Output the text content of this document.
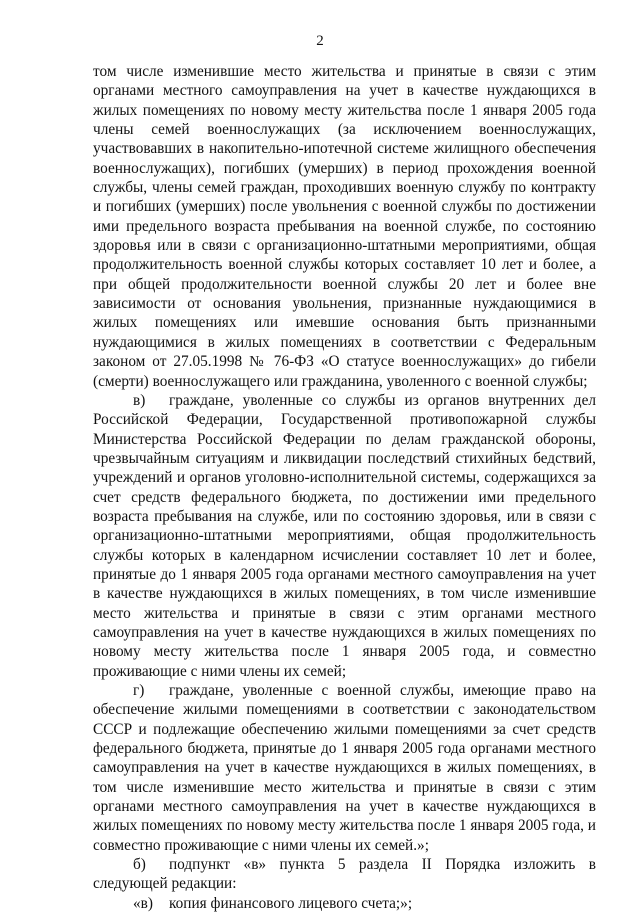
2

том числе изменившие место жительства и принятые в связи с этим органами местного самоуправления на учет в качестве нуждающихся в жилых помещениях по новому месту жительства после 1 января 2005 года члены семей военнослужащих (за исключением военнослужащих, участвовавших в накопительно-ипотечной системе жилищного обеспечения военнослужащих), погибших (умерших) в период прохождения военной службы, члены семей граждан, проходивших военную службу по контракту и погибших (умерших) после увольнения с военной службы по достижении ими предельного возраста пребывания на военной службе, по состоянию здоровья или в связи с организационно-штатными мероприятиями, общая продолжительность военной службы которых составляет 10 лет и более, а при общей продолжительности военной службы 20 лет и более вне зависимости от основания увольнения, признанные нуждающимися в жилых помещениях или имевшие основания быть признанными нуждающимися в жилых помещениях в соответствии с Федеральным законом от 27.05.1998 № 76-ФЗ «О статусе военнослужащих» до гибели (смерти) военнослужащего или гражданина, уволенного с военной службы;

в) граждане, уволенные со службы из органов внутренних дел Российской Федерации, Государственной противопожарной службы Министерства Российской Федерации по делам гражданской обороны, чрезвычайным ситуациям и ликвидации последствий стихийных бедствий, учреждений и органов уголовно-исполнительной системы, содержащихся за счет средств федерального бюджета, по достижении ими предельного возраста пребывания на службе, или по состоянию здоровья, или в связи с организационно-штатными мероприятиями, общая продолжительность службы которых в календарном исчислении составляет 10 лет и более, принятые до 1 января 2005 года органами местного самоуправления на учет в качестве нуждающихся в жилых помещениях, в том числе изменившие место жительства и принятые в связи с этим органами местного самоуправления на учет в качестве нуждающихся в жилых помещениях по новому месту жительства после 1 января 2005 года, и совместно проживающие с ними члены их семей;

г) граждане, уволенные с военной службы, имеющие право на обеспечение жилыми помещениями в соответствии с законодательством СССР и подлежащие обеспечению жилыми помещениями за счет средств федерального бюджета, принятые до 1 января 2005 года органами местного самоуправления на учет в качестве нуждающихся в жилых помещениях, в том числе изменившие место жительства и принятые в связи с этим органами местного самоуправления на учет в качестве нуждающихся в жилых помещениях по новому месту жительства после 1 января 2005 года, и совместно проживающие с ними члены их семей.»;

б) подпункт «в» пункта 5 раздела II Порядка изложить в следующей редакции:

«в) копия финансового лицевого счета;»;
